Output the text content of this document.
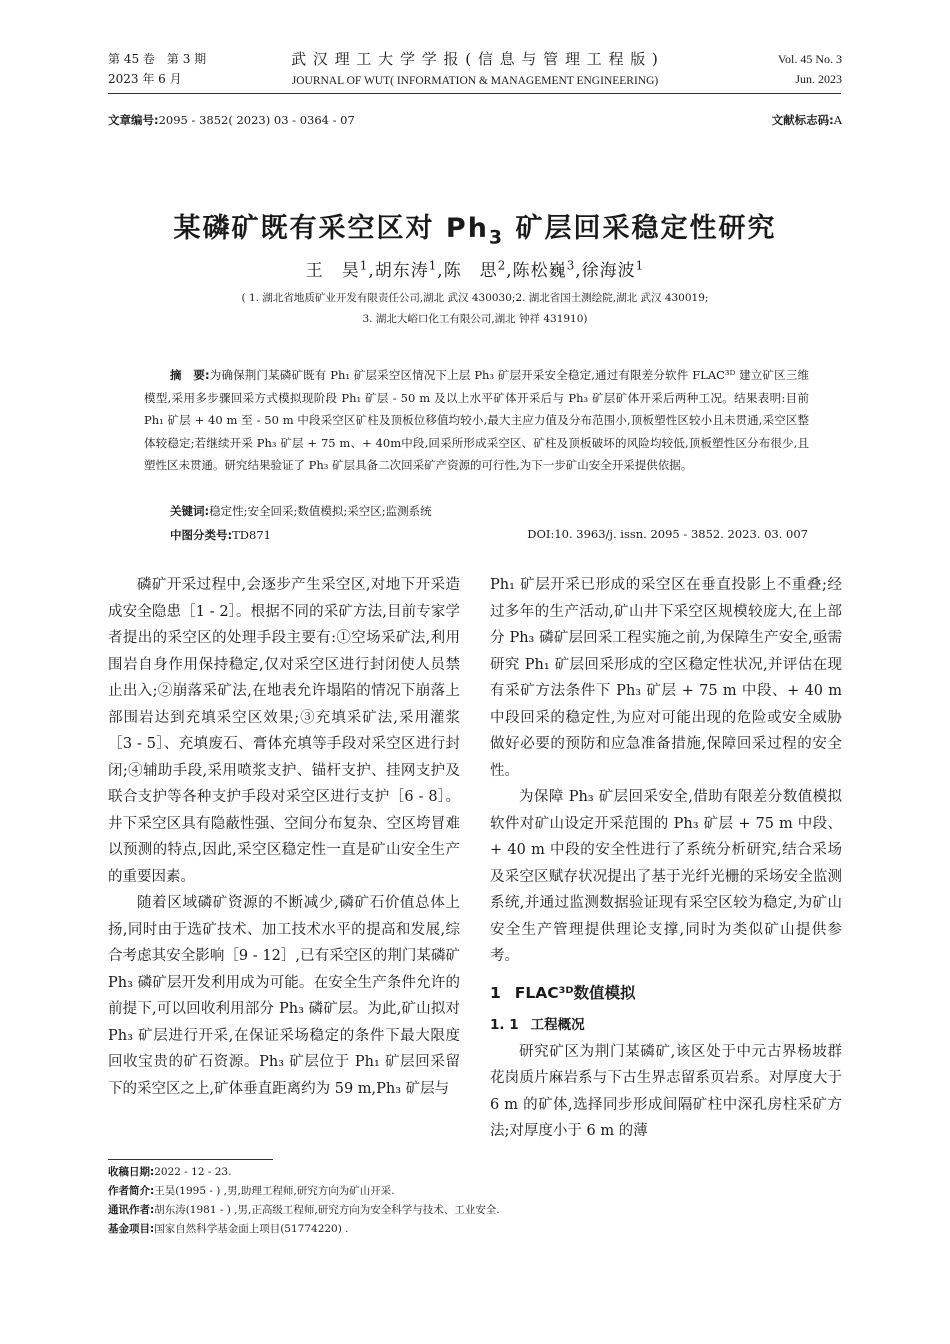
第 45 卷　第 3 期
2023 年 6 月
武 汉 理 工 大 学 学 报 ( 信 息 与 管 理 工 程 版 )
JOURNAL OF WUT( INFORMATION & MANAGEMENT ENGINEERING)
Vol. 45 No. 3
Jun. 2023
文章编号:2095 - 3852( 2023) 03 - 0364 - 07	文献标志码:A
某磷矿既有采空区对 $Ph_3$ 矿层回采稳定性研究
王　昊$^1$,胡东涛$^1$,陈　思$^2$,陈松巍$^3$,徐海波$^1$
( 1. 湖北省地质矿业开发有限责任公司,湖北 武汉 430030;2. 湖北省国土测绘院,湖北 武汉 430019;
3. 湖北大峪口化工有限公司,湖北 钟祥 431910)
摘　要:为确保荆门某磷矿既有 Ph₁ 矿层采空区情况下上层 Ph₃ 矿层开采安全稳定,通过有限差分软件 FLAC³ᴰ 建立矿区三维模型,采用多步骤回采方式模拟现阶段 Ph₁ 矿层 - 50 m 及以上水平矿体开采后与 Ph₃ 矿层矿体开采后两种工况。结果表明:目前 Ph₁ 矿层 + 40 m 至 - 50 m 中段采空区矿柱及顶板位移值均较小,最大主应力值及分布范围小,顶板塑性区较小且未贯通,采空区整体较稳定;若继续开采 Ph₃ 矿层 + 75 m、+ 40m中段,回采所形成采空区、矿柱及顶板破坏的风险均较低,顶板塑性区分布很少,且塑性区未贯通。研究结果验证了 Ph₃ 矿层具备二次回采矿产资源的可行性,为下一步矿山安全开采提供依据。
关键词:稳定性;安全回采;数值模拟;采空区;监测系统
中图分类号:TD871	DOI:10. 3963/j. issn. 2095 - 3852. 2023. 03. 007

磷矿开采过程中,会逐步产生采空区,对地下开采造成安全隐患［1 - 2］。根据不同的采矿方法,目前专家学者提出的采空区的处理手段主要有:①空场采矿法,利用围岩自身作用保持稳定,仅对采空区进行封闭使人员禁止出入;②崩落采矿法,在地表允许塌陷的情况下崩落上部围岩达到充填采空区效果;③充填采矿法,采用灌浆［3 - 5］、充填废石、膏体充填等手段对采空区进行封闭;④辅助手段,采用喷浆支护、锚杆支护、挂网支护及联合支护等各种支护手段对采空区进行支护［6 - 8］。井下采空区具有隐蔽性强、空间分布复杂、空区垮冒难以预测的特点,因此,采空区稳定性一直是矿山安全生产的重要因素。

随着区域磷矿资源的不断减少,磷矿石价值总体上扬,同时由于选矿技术、加工技术水平的提高和发展,综合考虑其安全影响［9 - 12］,已有采空区的荆门某磷矿 Ph₃ 磷矿层开发利用成为可能。在安全生产条件允许的前提下,可以回收利用部分 Ph₃ 磷矿层。为此,矿山拟对 Ph₃ 矿层进行开采,在保证采场稳定的条件下最大限度回收宝贵的矿石资源。Ph₃ 矿层位于 Ph₁ 矿层回采留下的采空区之上,矿体垂直距离约为 59 m,Ph₃ 矿层与

Ph₁ 矿层开采已形成的采空区在垂直投影上不重叠;经过多年的生产活动,矿山井下采空区规模较庞大,在上部分 Ph₃ 磷矿层回采工程实施之前,为保障生产安全,亟需研究 Ph₁ 矿层回采形成的空区稳定性状况,并评估在现有采矿方法条件下 Ph₃ 矿层 + 75 m 中段、+ 40 m 中段回采的稳定性,为应对可能出现的危险或安全威胁做好必要的预防和应急准备措施,保障回采过程的安全性。

为保障 Ph₃ 矿层回采安全,借助有限差分数值模拟软件对矿山设定开采范围的 Ph₃ 矿层 + 75 m 中段、+ 40 m 中段的安全性进行了系统分析研究,结合采场及采空区赋存状况提出了基于光纤光栅的采场安全监测系统,并通过监测数据验证现有采空区较为稳定,为矿山安全生产管理提供理论支撑,同时为类似矿山提供参考。

1 FLAC³ᴰ数值模拟
1. 1 工程概况

研究矿区为荆门某磷矿,该区处于中元古界杨坡群花岗质片麻岩系与下古生界志留系页岩系。对厚度大于 6 m 的矿体,选择同步形成间隔矿柱中深孔房柱采矿方法;对厚度小于 6 m 的薄

收稿日期:2022 - 12 - 23.
作者简介:王昊(1995 - ) ,男,助理工程师,研究方向为矿山开采.
通讯作者:胡东涛(1981 - ) ,男,正高级工程师,研究方向为安全科学与技术、工业安全.
基金项目:国家自然科学基金面上项目(51774220) .
